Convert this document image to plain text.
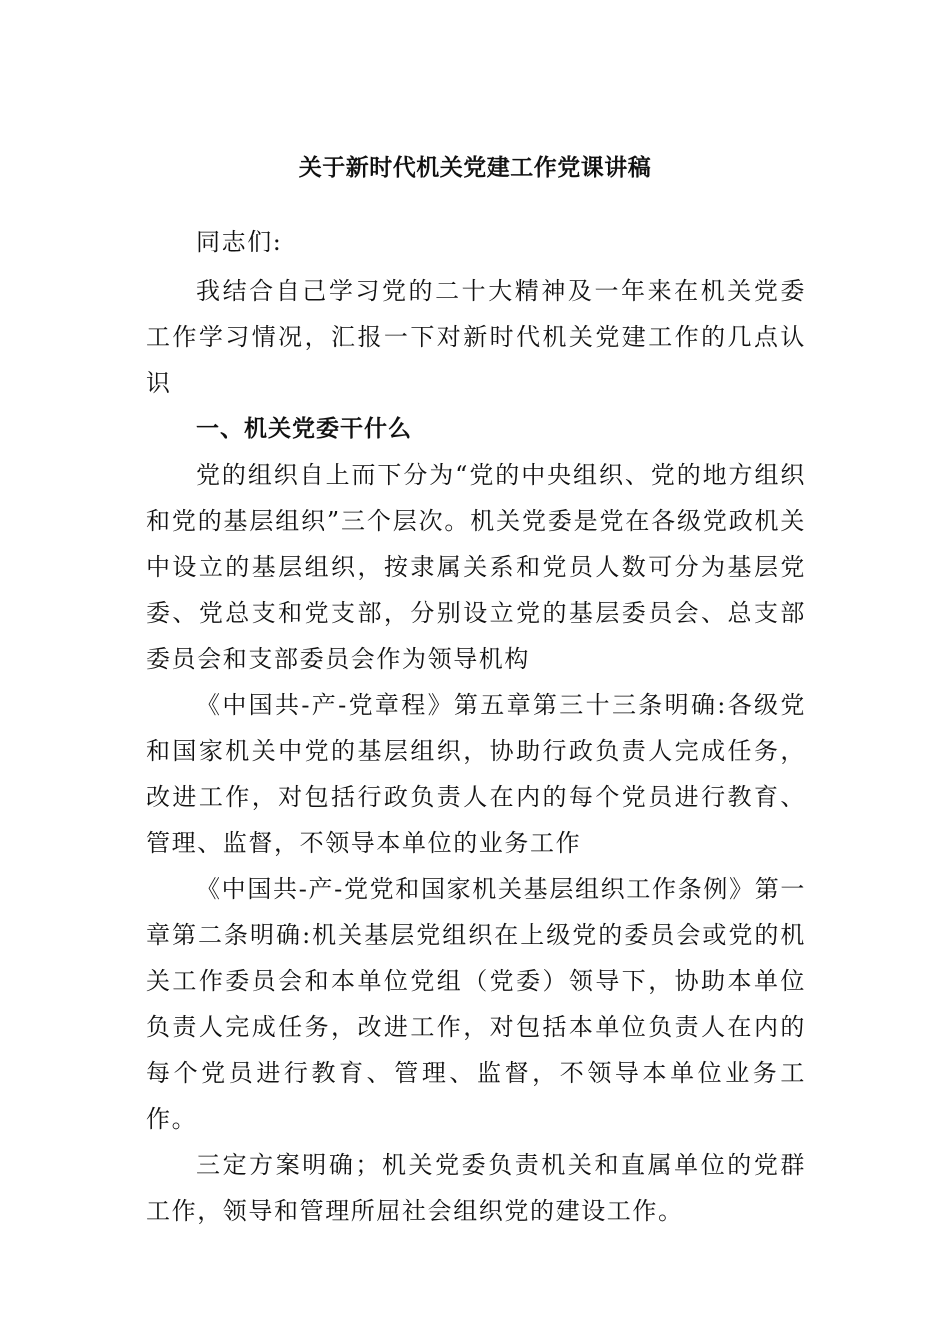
关于新时代机关党建工作党课讲稿

同志们:

我结合自己学习党的二十大精神及一年来在机关党委工作学习情况，汇报一下对新时代机关党建工作的几点认识

一、机关党委干什么

党的组织自上而下分为“党的中央组织、党的地方组织和党的基层组织”三个层次。机关党委是党在各级党政机关中设立的基层组织，按隶属关系和党员人数可分为基层党委、党总支和党支部，分别设立党的基层委员会、总支部委员会和支部委员会作为领导机构

《中国共-产-党章程》第五章第三十三条明确:各级党和国家机关中党的基层组织，协助行政负责人完成任务，改进工作，对包括行政负责人在内的每个党员进行教育、管理、监督，不领导本单位的业务工作

《中国共-产-党党和国家机关基层组织工作条例》第一章第二条明确:机关基层党组织在上级党的委员会或党的机关工作委员会和本单位党组（党委）领导下，协助本单位负责人完成任务，改进工作，对包括本单位负责人在内的每个党员进行教育、管理、监督，不领导本单位业务工作。

三定方案明确；机关党委负责机关和直属单位的党群工作，领导和管理所屈社会组织党的建设工作。
